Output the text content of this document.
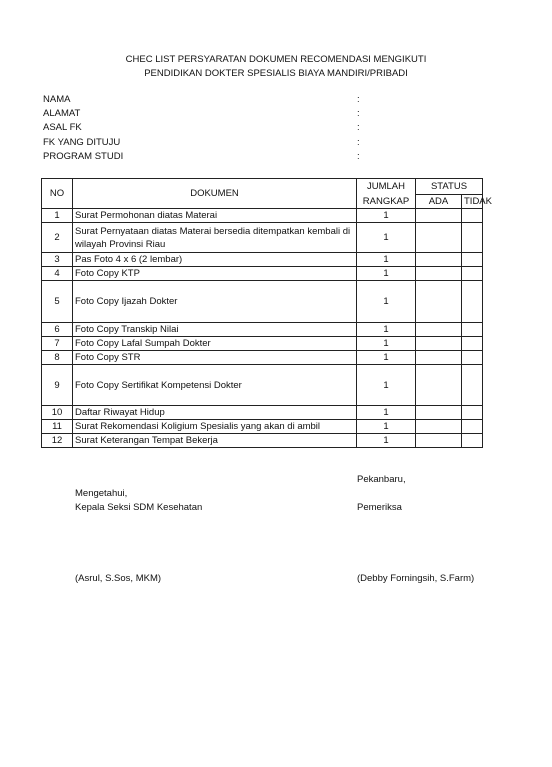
CHEC LIST PERSYARATAN DOKUMEN RECOMENDASI MENGIKUTI
PENDIDIKAN DOKTER SPESIALIS BIAYA MANDIRI/PRIBADI
NAMA	:
ALAMAT	:
ASAL FK	:
FK YANG DITUJU	:
PROGRAM STUDI	:
NO	DOKUMEN	JUMLAH	STATUS	
		RANGKAP	ADA	TIDAK
1	Surat Permohonan diatas Materai	1		
2	Surat Pernyataan diatas Materai bersedia ditempatkan kembali di wilayah Provinsi Riau	1		
3	Pas Foto 4 x 6 (2 lembar)	1		
4	Foto Copy KTP	1		
5	Foto Copy Ijazah Dokter	1		
6	Foto Copy Transkip Nilai	1		
7	Foto Copy Lafal Sumpah Dokter	1		
8	Foto Copy STR	1		
9	Foto Copy Sertifikat Kompetensi Dokter	1		
10	Daftar Riwayat Hidup	1		
11	Surat Rekomendasi Koligium Spesialis yang akan di ambil	1		
12	Surat Keterangan Tempat Bekerja	1		
Pekanbaru,
Mengetahui,
Kepala Seksi SDM Kesehatan	Pemeriksa
(Asrul, S.Sos, MKM)	(Debby Forningsih, S.Farm)
